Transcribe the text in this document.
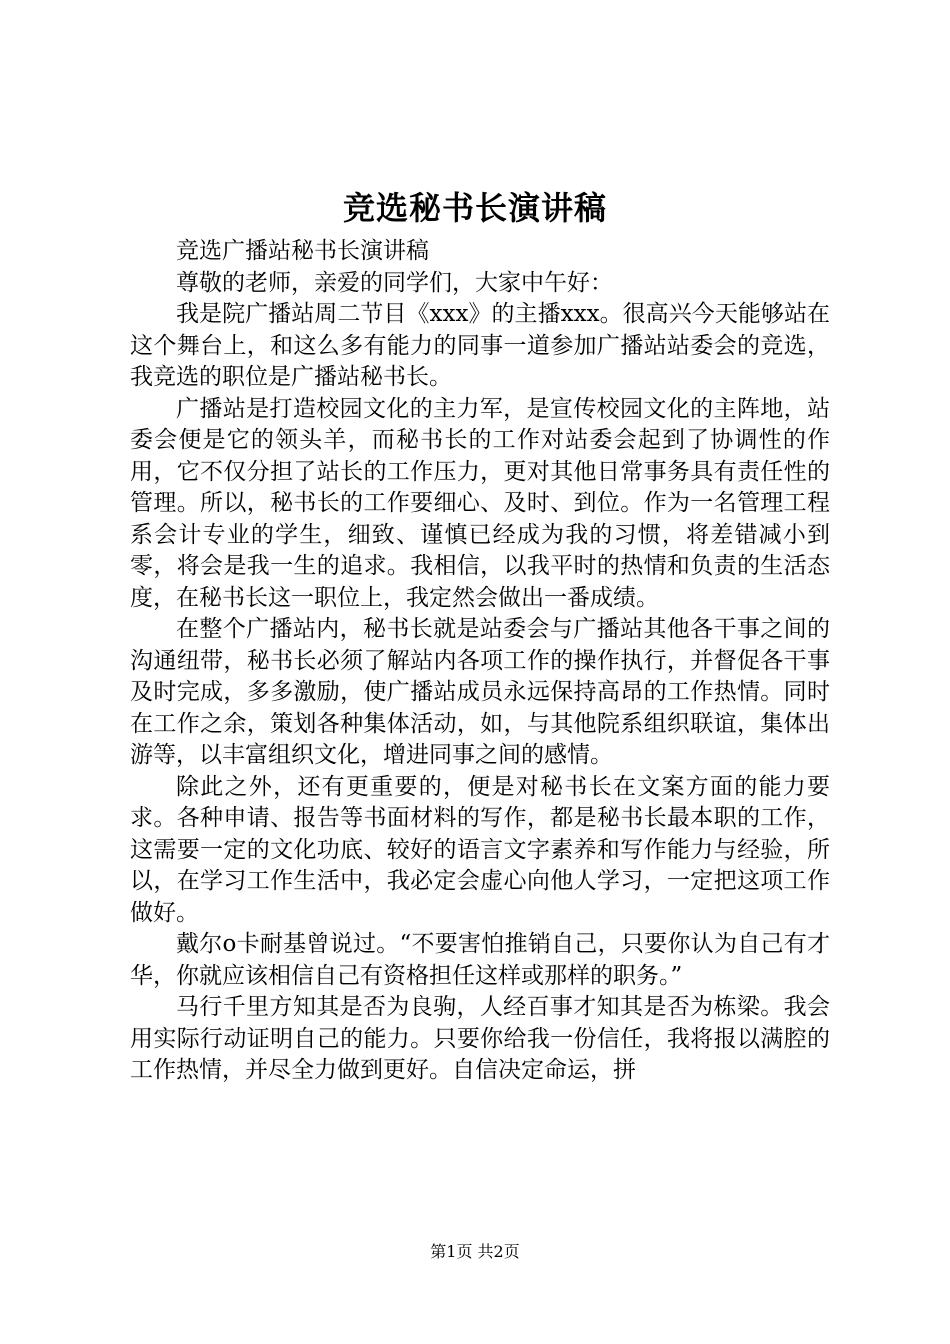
竞选秘书长演讲稿

竞选广播站秘书长演讲稿

尊敬的老师，亲爱的同学们，大家中午好：

我是院广播站周二节目《xxx》的主播xxx。很高兴今天能够站在这个舞台上，和这么多有能力的同事一道参加广播站站委会的竞选，我竞选的职位是广播站秘书长。

广播站是打造校园文化的主力军，是宣传校园文化的主阵地，站委会便是它的领头羊，而秘书长的工作对站委会起到了协调性的作用，它不仅分担了站长的工作压力，更对其他日常事务具有责任性的管理。所以，秘书长的工作要细心、及时、到位。作为一名管理工程系会计专业的学生，细致、谨慎已经成为我的习惯，将差错减小到零，将会是我一生的追求。我相信，以我平时的热情和负责的生活态度，在秘书长这一职位上，我定然会做出一番成绩。

在整个广播站内，秘书长就是站委会与广播站其他各干事之间的沟通纽带，秘书长必须了解站内各项工作的操作执行，并督促各干事及时完成，多多激励，使广播站成员永远保持高昂的工作热情。同时在工作之余，策划各种集体活动，如，与其他院系组织联谊，集体出游等，以丰富组织文化，增进同事之间的感情。

除此之外，还有更重要的，便是对秘书长在文案方面的能力要求。各种申请、报告等书面材料的写作，都是秘书长最本职的工作，这需要一定的文化功底、较好的语言文字素养和写作能力与经验，所以，在学习工作生活中，我必定会虚心向他人学习，一定把这项工作做好。

戴尔o卡耐基曾说过。“不要害怕推销自己，只要你认为自己有才华，你就应该相信自己有资格担任这样或那样的职务。”

马行千里方知其是否为良驹，人经百事才知其是否为栋梁。我会用实际行动证明自己的能力。只要你给我一份信任，我将报以满腔的工作热情，并尽全力做到更好。自信决定命运，拼

第1页 共2页
